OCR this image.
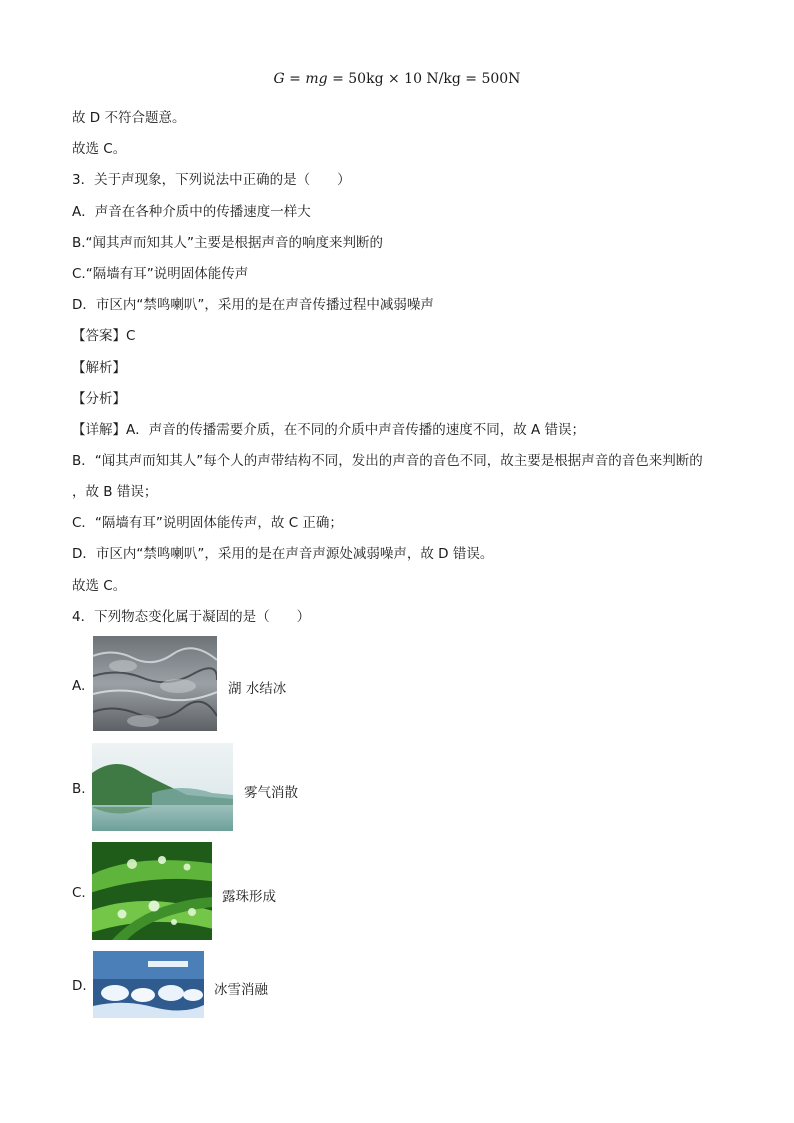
G = mg = 50kg × 10 N/kg = 500N
故 D 不符合题意。
故选 C。
3．关于声现象，下列说法中正确的是（　　）
A．声音在各种介质中的传播速度一样大
B.“闻其声而知其人”主要是根据声音的响度来判断的
C.“隔墙有耳”说明固体能传声
D．市区内“禁鸣喇叭”，采用的是在声音传播过程中减弱噪声
【答案】C
【解析】
【分析】
【详解】A．声音的传播需要介质，在不同的介质中声音传播的速度不同，故 A 错误；
B．“闻其声而知其人”每个人的声带结构不同，发出的声音的音色不同，故主要是根据声音的音色来判断的
，故 B 错误；
C．“隔墙有耳”说明固体能传声，故 C 正确；
D．市区内“禁鸣喇叭”，采用的是在声音声源处减弱噪声，故 D 错误。
故选 C。
4．下列物态变化属于凝固的是（　　）
A.	湖 水结冰
B.	雾气消散
C.	露珠形成
D.	冰雪消融
